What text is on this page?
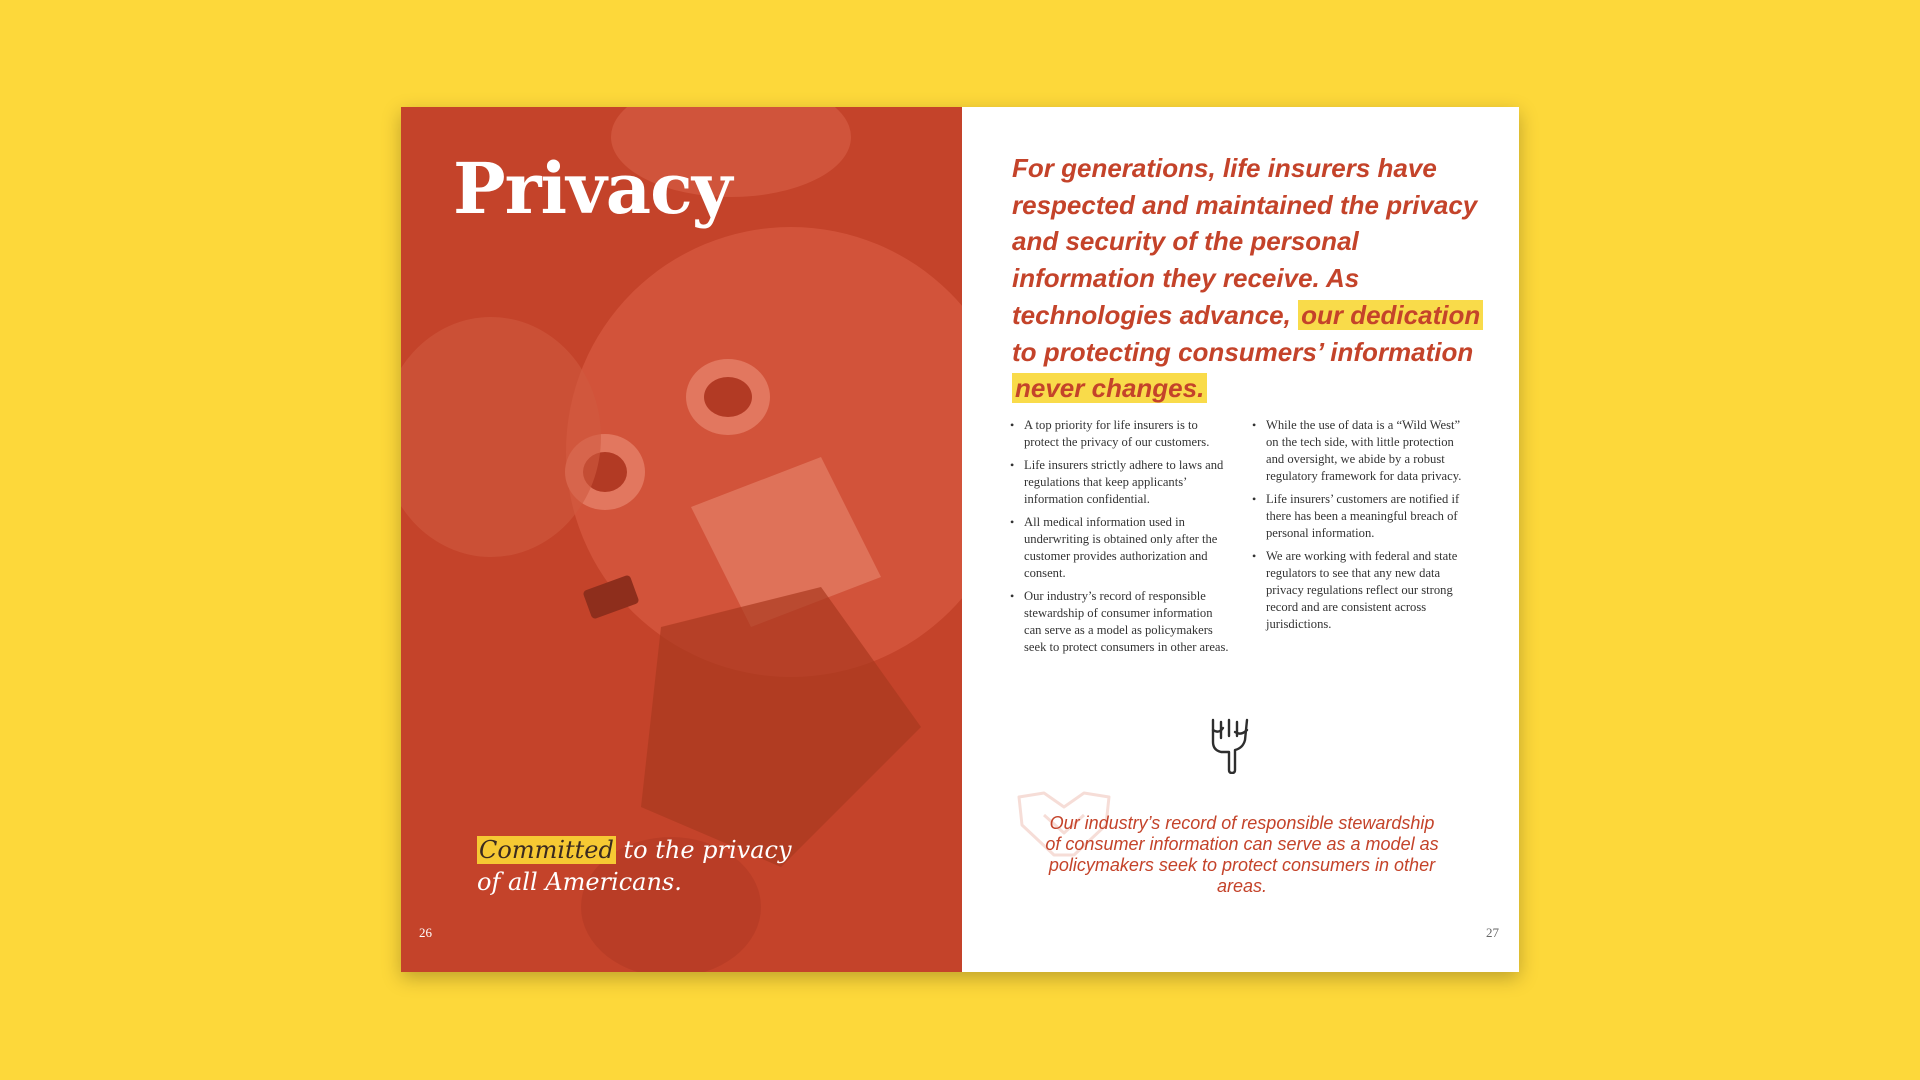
Privacy
Committed to the privacy
of all Americans.
26

For generations, life insurers have respected and maintained the privacy and security of the personal information they receive. As technologies advance, our dedication to protecting consumers’ information never changes.

• A top priority for life insurers is to protect the privacy of our customers.
• Life insurers strictly adhere to laws and regulations that keep applicants’ information confidential.
• All medical information used in underwriting is obtained only after the customer provides authorization and consent.
• Our industry’s record of responsible stewardship of consumer information can serve as a model as policymakers seek to protect consumers in other areas.
• While the use of data is a “Wild West” on the tech side, with little protection and oversight, we abide by a robust regulatory framework for data privacy.
• Life insurers’ customers are notified if there has been a meaningful breach of personal information.
• We are working with federal and state regulators to see that any new data privacy regulations reflect our strong record and are consistent across jurisdictions.
Our industry’s record of responsible stewardship of consumer information can serve as a model as policymakers seek to protect consumers in other areas.
27
